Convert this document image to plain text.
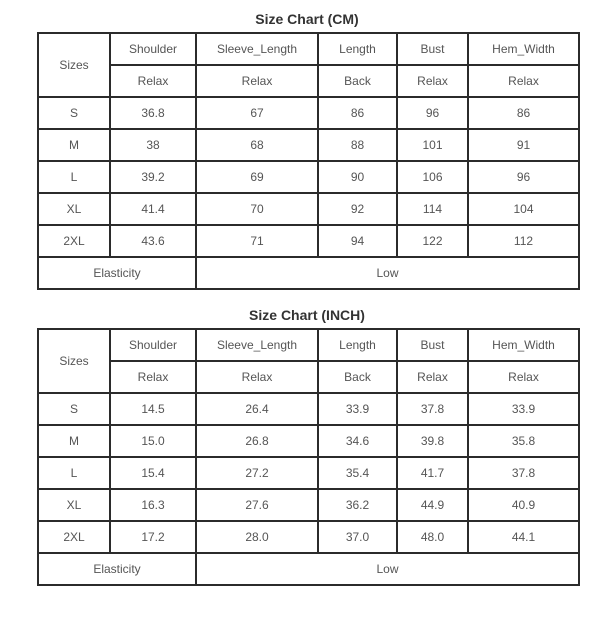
Size Chart (CM)
Sizes	Shoulder	Sleeve_Length	Length	Bust	Hem_Width
	Relax	Relax	Back	Relax	Relax
S	36.8	67	86	96	86
M	38	68	88	101	91
L	39.2	69	90	106	96
XL	41.4	70	92	114	104
2XL	43.6	71	94	122	112
Elasticity		Low			
Size Chart (INCH)
Sizes	Shoulder	Sleeve_Length	Length	Bust	Hem_Width
	Relax	Relax	Back	Relax	Relax
S	14.5	26.4	33.9	37.8	33.9
M	15.0	26.8	34.6	39.8	35.8
L	15.4	27.2	35.4	41.7	37.8
XL	16.3	27.6	36.2	44.9	40.9
2XL	17.2	28.0	37.0	48.0	44.1
Elasticity		Low			
